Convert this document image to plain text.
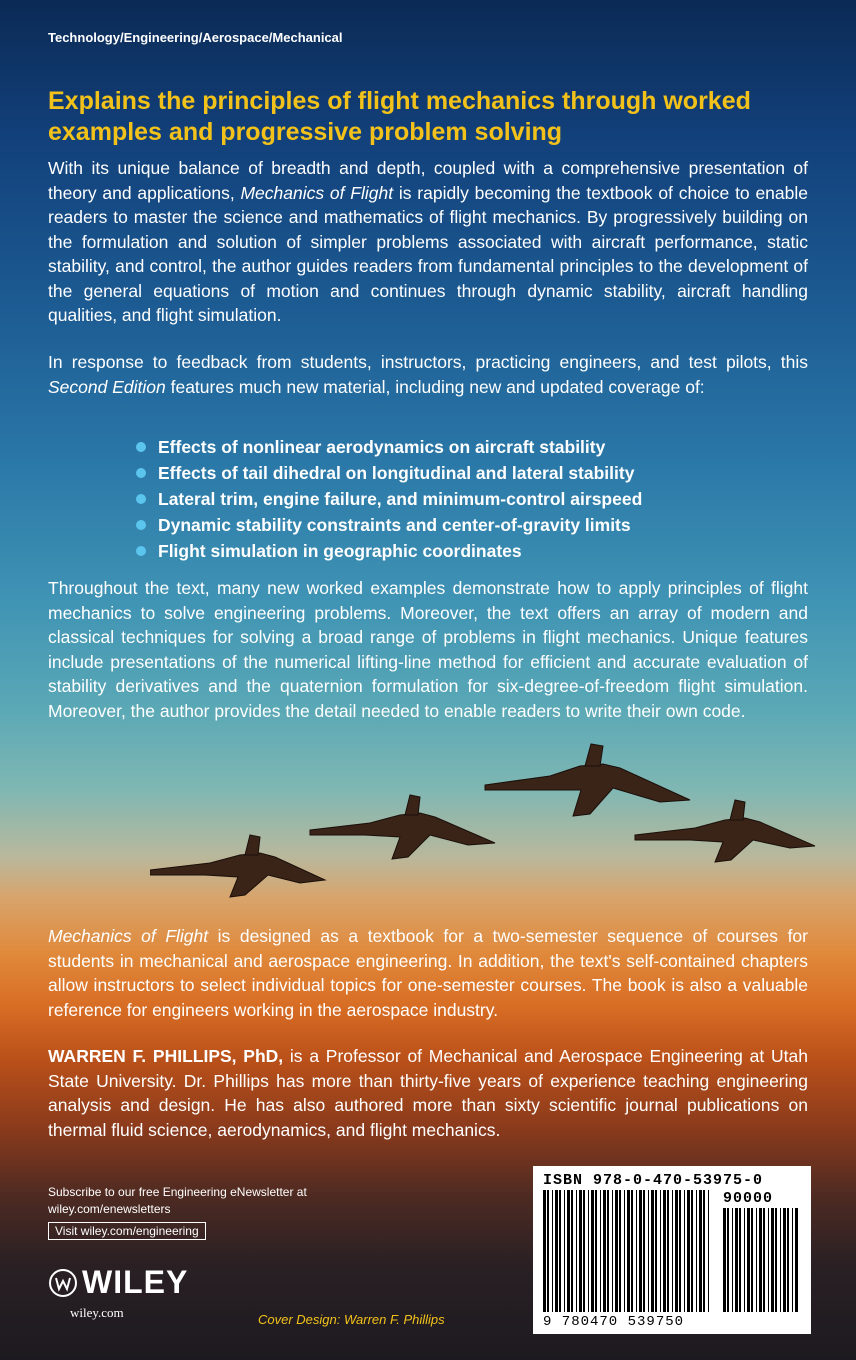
Technology/Engineering/Aerospace/Mechanical
Explains the principles of flight mechanics through worked examples and progressive problem solving
With its unique balance of breadth and depth, coupled with a comprehensive presentation of theory and applications, Mechanics of Flight is rapidly becoming the textbook of choice to enable readers to master the science and mathematics of flight mechanics. By progressively building on the formulation and solution of simpler problems associated with aircraft performance, static stability, and control, the author guides readers from fundamental principles to the development of the general equations of motion and continues through dynamic stability, aircraft handling qualities, and flight simulation.
In response to feedback from students, instructors, practicing engineers, and test pilots, this Second Edition features much new material, including new and updated coverage of:
Effects of nonlinear aerodynamics on aircraft stability
Effects of tail dihedral on longitudinal and lateral stability
Lateral trim, engine failure, and minimum-control airspeed
Dynamic stability constraints and center-of-gravity limits
Flight simulation in geographic coordinates
Throughout the text, many new worked examples demonstrate how to apply principles of flight mechanics to solve engineering problems. Moreover, the text offers an array of modern and classical techniques for solving a broad range of problems in flight mechanics. Unique features include presentations of the numerical lifting-line method for efficient and accurate evaluation of stability derivatives and the quaternion formulation for six-degree-of-freedom flight simulation. Moreover, the author provides the detail needed to enable readers to write their own code.
Mechanics of Flight is designed as a textbook for a two-semester sequence of courses for students in mechanical and aerospace engineering. In addition, the text's self-contained chapters allow instructors to select individual topics for one-semester courses. The book is also a valuable reference for engineers working in the aerospace industry.
WARREN F. PHILLIPS, PhD, is a Professor of Mechanical and Aerospace Engineering at Utah State University. Dr. Phillips has more than thirty-five years of experience teaching engineering analysis and design. He has also authored more than sixty scientific journal publications on thermal fluid science, aerodynamics, and flight mechanics.
Subscribe to our free Engineering eNewsletter at
wiley.com/enewsletters
Visit wiley.com/engineering
ISBN 978-0-470-53975-0
90000
9 780470 539750
WILEY
wiley.com	Cover Design: Warren F. Phillips
